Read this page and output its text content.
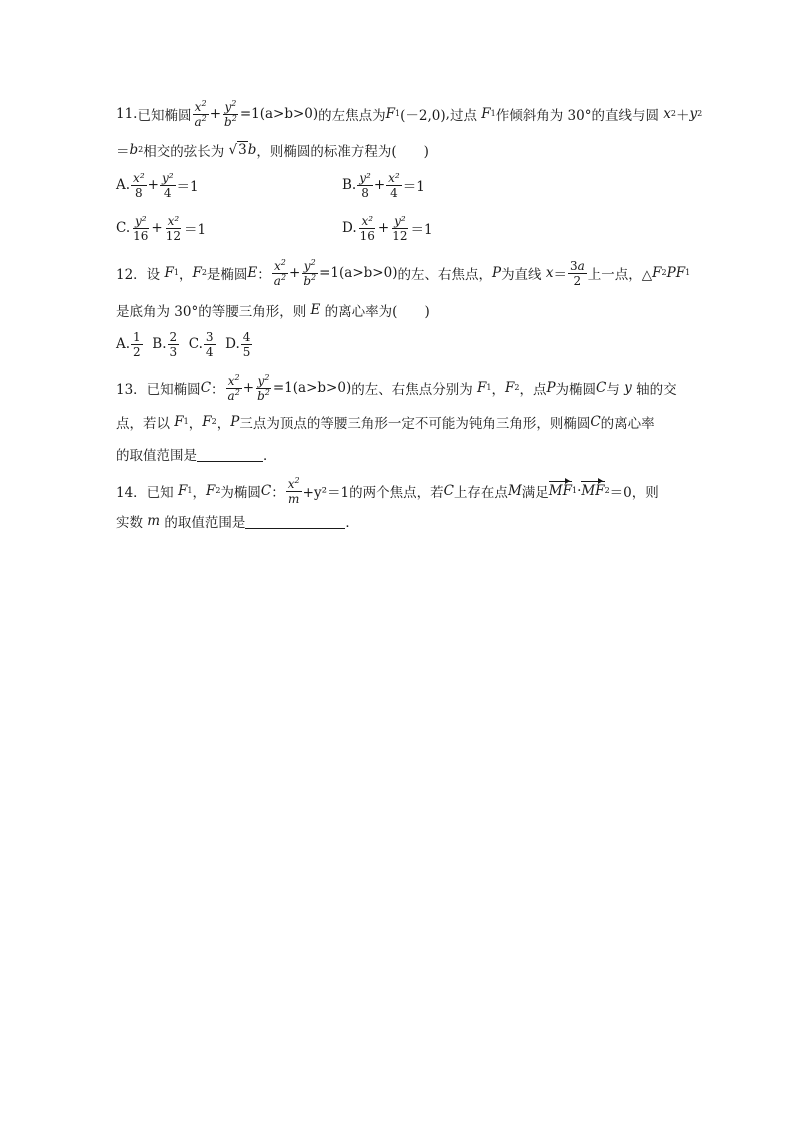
11. 已知椭圆 $\frac{x^2}{a^2} + \frac{y^2}{b^2} =1(a>b>0)$ 的左焦点为 F 1 (－2,0) , 过点 F 1 作倾斜角为 30°的直线与圆 x 2 ＋ y 2
＝ b 2 相交的弦长为 √3b ，则椭圆的标准方程为(　　)
A. $\frac{\text{x²}}{8} + \frac{\text{y²}}{4} =1$	B. $\frac{\text{y²}}{8} + \frac{\text{x²}}{4} =1$
C. $\frac{\text{y²}}{16} + \frac{\text{x²}}{12} =1$	D. $\frac{\text{x²}}{16} + \frac{\text{y²}}{12} =1$
12．设 F 1 ， F 2 是椭圆 E ： $\frac{x^2}{a^2} + \frac{y^2}{b^2} =1(a>b>0)$ 的左、右焦点， P 为直线 $x = \frac{3a}{2}$ 上一点，△ F 2 PF 1
是底角为 30°的等腰三角形，则 E 的离心率为(　　)
A. $\frac{1}{2}$
B. $\frac{2}{3}$
C. $\frac{3}{4}$
D. $\frac{4}{5}$
13．已知椭圆 C ： $\frac{x^2}{a^2} + \frac{y^2}{b^2} =1(a>b>0)$ 的左、右焦点分别为 F 1 ， F 2 ，点 P 为椭圆 C 与 y 轴的交
点，若以 F 1 ， F 2 ， P 三点为顶点的等腰三角形一定不可能为钝角三角形，则椭圆 C 的离心率
的取值范围是	．
14．已知 F 1 ， F 2 为椭圆 C ： $\frac{x^2}{m} +y^2=1$ 的两个焦点，若 C 上存在点 M 满足 MF 1 · MF 2 ＝0，则
实数 m 的取值范围是	．
